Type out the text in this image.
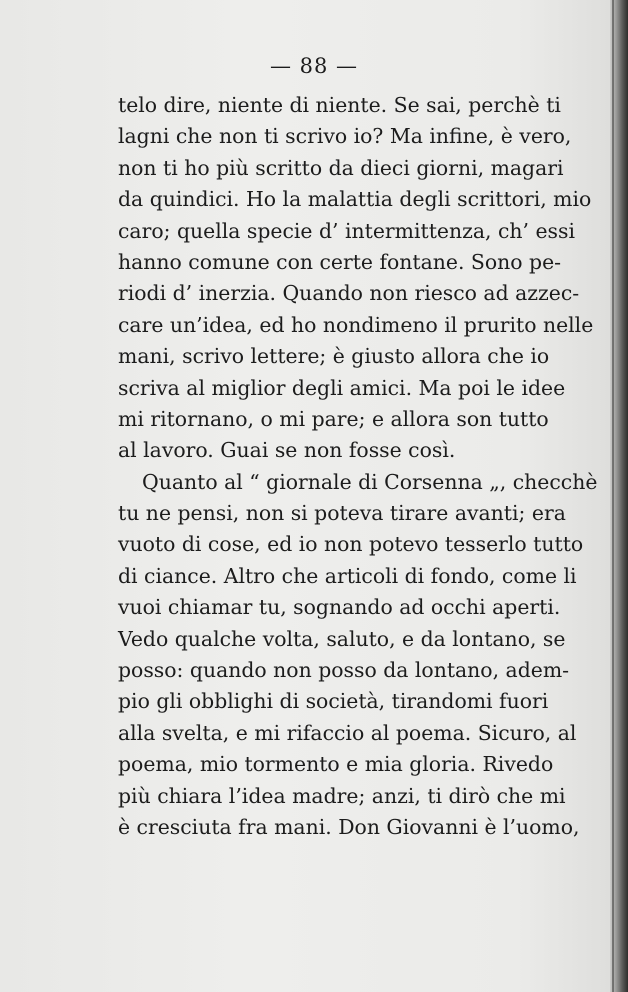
— 88 —

telo dire, niente di niente. Se sai, perchè ti
lagni che non ti scrivo io? Ma infine, è vero,
non ti ho più scritto da dieci giorni, magari
da quindici. Ho la malattia degli scrittori, mio
caro; quella specie d’ intermittenza, ch’ essi
hanno comune con certe fontane. Sono pe-
riodi d’ inerzia. Quando non riesco ad azzec-
care un’idea, ed ho nondimeno il prurito nelle
mani, scrivo lettere; è giusto allora che io
scriva al miglior degli amici. Ma poi le idee
mi ritornano, o mi pare; e allora son tutto
al lavoro. Guai se non fosse così.
Quanto al “ giornale di Corsenna „, checchè
tu ne pensi, non si poteva tirare avanti; era
vuoto di cose, ed io non potevo tesserlo tutto
di ciance. Altro che articoli di fondo, come li
vuoi chiamar tu, sognando ad occhi aperti.
Vedo qualche volta, saluto, e da lontano, se
posso: quando non posso da lontano, adem-
pio gli obblighi di società, tirandomi fuori
alla svelta, e mi rifaccio al poema. Sicuro, al
poema, mio tormento e mia gloria. Rivedo
più chiara l’idea madre; anzi, ti dirò che mi
è cresciuta fra mani. Don Giovanni è l’uomo,
